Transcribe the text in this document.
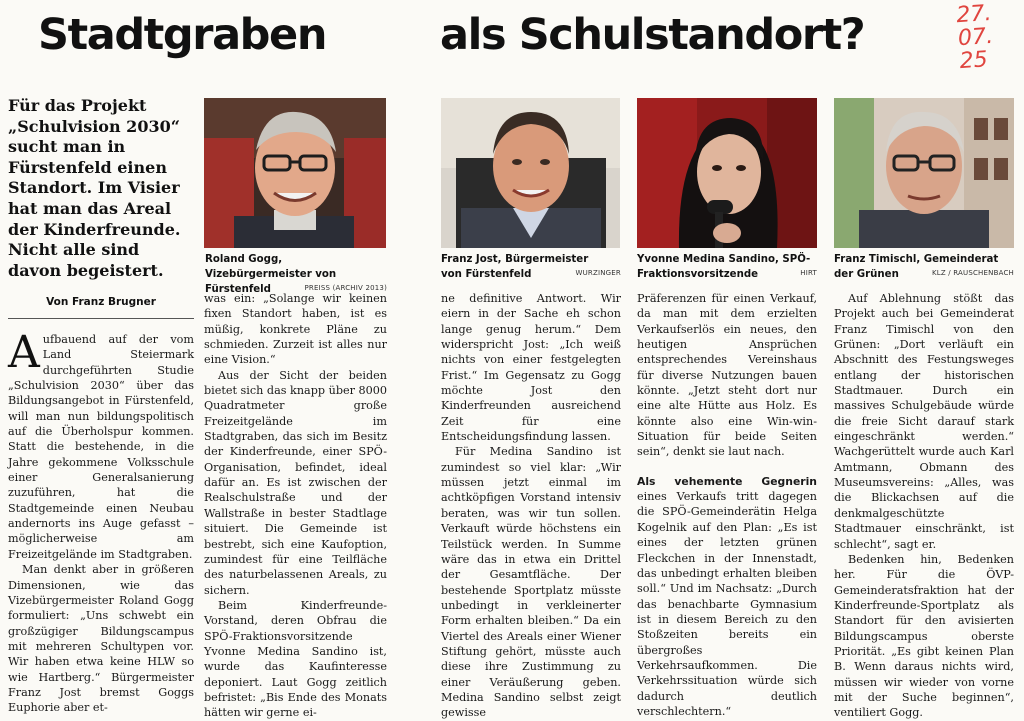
Stadtgraben	als Schulstandort?	27.
07.
25
Für das Projekt „Schulvision 2030“ sucht man in Fürstenfeld einen Standort. Im Visier hat man das Areal der Kinderfreunde. Nicht alle sind davon begeistert.
Roland Gogg, Vizebürgermeister von Fürstenfeld	PREISS (ARCHIV 2013)
Franz Jost, Bürgermeister von Fürstenfeld	WURZINGER
Yvonne Medina Sandino, SPÖ-Fraktionsvorsitzende	HIRT
Franz Timischl, Gemeinderat der Grünen	KLZ / RAUSCHENBACH
Von Franz Brugner

Aufbauend auf der vom Land Steiermark durchgeführten Studie „Schulvision 2030“ über das Bildungsangebot in Fürstenfeld, will man nun bildungspolitisch auf die Überholspur kommen. Statt die bestehende, in die Jahre gekommene Volksschule einer Generalsanierung zuzuführen, hat die Stadtgemeinde einen Neubau andernorts ins Auge gefasst – möglicherweise am Freizeitgelände im Stadtgraben.

Man denkt aber in größeren Dimensionen, wie das Vizebürgermeister Roland Gogg formuliert: „Uns schwebt ein großzügiger Bildungscampus mit mehreren Schultypen vor. Wir haben etwa keine HLW so wie Hartberg.“ Bürgermeister Franz Jost bremst Goggs Euphorie aber et-

was ein: „Solange wir keinen fixen Standort haben, ist es müßig, konkrete Pläne zu schmieden. Zurzeit ist alles nur eine Vision.“

Aus der Sicht der beiden bietet sich das knapp über 8000 Quadratmeter große Freizeitgelände im Stadtgraben, das sich im Besitz der Kinderfreunde, einer SPÖ-Organisation, befindet, ideal dafür an. Es ist zwischen der Realschulstraße und der Wallstraße in bester Stadtlage situiert. Die Gemeinde ist bestrebt, sich eine Kaufoption, zumindest für eine Teilfläche des naturbelassenen Areals, zu sichern.

Beim Kinderfreunde-Vorstand, deren Obfrau die SPÖ-Fraktionsvorsitzende Yvonne Medina Sandino ist, wurde das Kaufinteresse deponiert. Laut Gogg zeitlich befristet: „Bis Ende des Monats hätten wir gerne ei-

ne definitive Antwort. Wir eiern in der Sache eh schon lange genug herum.“ Dem widerspricht Jost: „Ich weiß nichts von einer festgelegten Frist.“ Im Gegensatz zu Gogg möchte Jost den Kinderfreunden ausreichend Zeit für eine Entscheidungsfindung lassen.

Für Medina Sandino ist zumindest so viel klar: „Wir müssen jetzt einmal im achtköpfigen Vorstand intensiv beraten, was wir tun sollen. Verkauft würde höchstens ein Teilstück werden. In Summe wäre das in etwa ein Drittel der Gesamtfläche. Der bestehende Sportplatz müsste unbedingt in verkleinerter Form erhalten bleiben.“ Da ein Viertel des Areals einer Wiener Stiftung gehört, müsste auch diese ihre Zustimmung zu einer Veräußerung geben. Medina Sandino selbst zeigt gewisse

Präferenzen für einen Verkauf, da man mit dem erzielten Verkaufserlös ein neues, den heutigen Ansprüchen entsprechendes Vereinshaus für diverse Nutzungen bauen könnte. „Jetzt steht dort nur eine alte Hütte aus Holz. Es könnte also eine Win-win-Situation für beide Seiten sein“, denkt sie laut nach.

Als vehemente Gegnerin eines Verkaufs tritt dagegen die SPÖ-Gemeinderätin Helga Kogelnik auf den Plan: „Es ist eines der letzten grünen Fleckchen in der Innenstadt, das unbedingt erhalten bleiben soll.“ Und im Nachsatz: „Durch das benachbarte Gymnasium ist in diesem Bereich zu den Stoßzeiten bereits ein übergroßes Verkehrsaufkommen. Die Verkehrssituation würde sich dadurch deutlich verschlechtern.“

Auf Ablehnung stößt das Projekt auch bei Gemeinderat Franz Timischl von den Grünen: „Dort verläuft ein Abschnitt des Festungsweges entlang der historischen Stadtmauer. Durch ein massives Schulgebäude würde die freie Sicht darauf stark eingeschränkt werden.“ Wachgerüttelt wurde auch Karl Amtmann, Obmann des Museumsvereins: „Alles, was die Blickachsen auf die denkmalgeschützte Stadtmauer einschränkt, ist schlecht“, sagt er.

Bedenken hin, Bedenken her. Für die ÖVP-Gemeinderatsfraktion hat der Kinderfreunde-Sportplatz als Standort für den avisierten Bildungscampus oberste Priorität. „Es gibt keinen Plan B. Wenn daraus nichts wird, müssen wir wieder von vorne mit der Suche beginnen“, ventiliert Gogg.
